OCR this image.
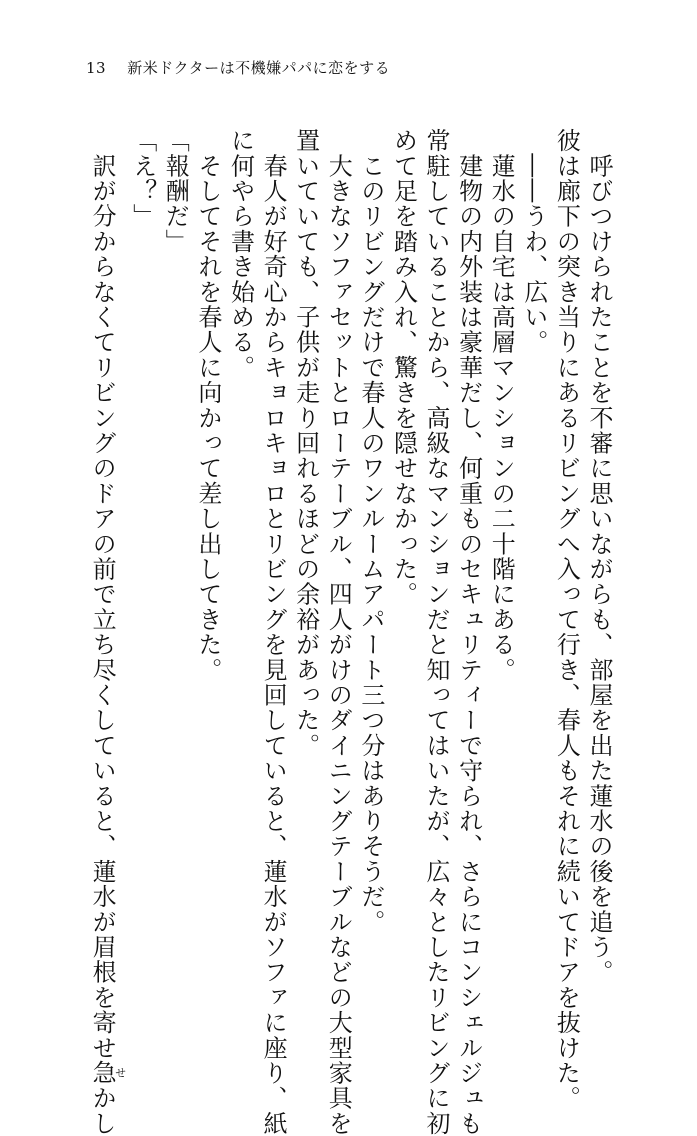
13 新米ドクターは不機嫌パパに恋をする
　呼びつけられたことを不審に思いながらも、部屋を出た蓮水の後を追う。
彼は廊下の突き当りにあるリビングへ入って行き、春人もそれに続いてドアを抜けた。
　――うわ、広い。
　蓮水の自宅は高層マンションの二十階にある。
　建物の内外装は豪華だし、何重ものセキュリティーで守られ、さらにコンシェルジュも
常駐していることから、高級なマンションだと知ってはいたが、広々としたリビングに初
めて足を踏み入れ、驚きを隠せなかった。
　このリビングだけで春人のワンルームアパート三つ分はありそうだ。
　大きなソファセットとローテーブル、四人がけのダイニングテーブルなどの大型家具を
置いていても、子供が走り回れるほどの余裕があった。
　春人が好奇心からキョロキョロとリビングを見回していると、蓮水がソファに座り、紙
に何やら書き始める。
　そしてそれを春人に向かって差し出してきた。
「報酬だ」
「え？」
　訳が分からなくてリビングのドアの前で立ち尽くしていると、蓮水が眉根を寄せ急せかし
